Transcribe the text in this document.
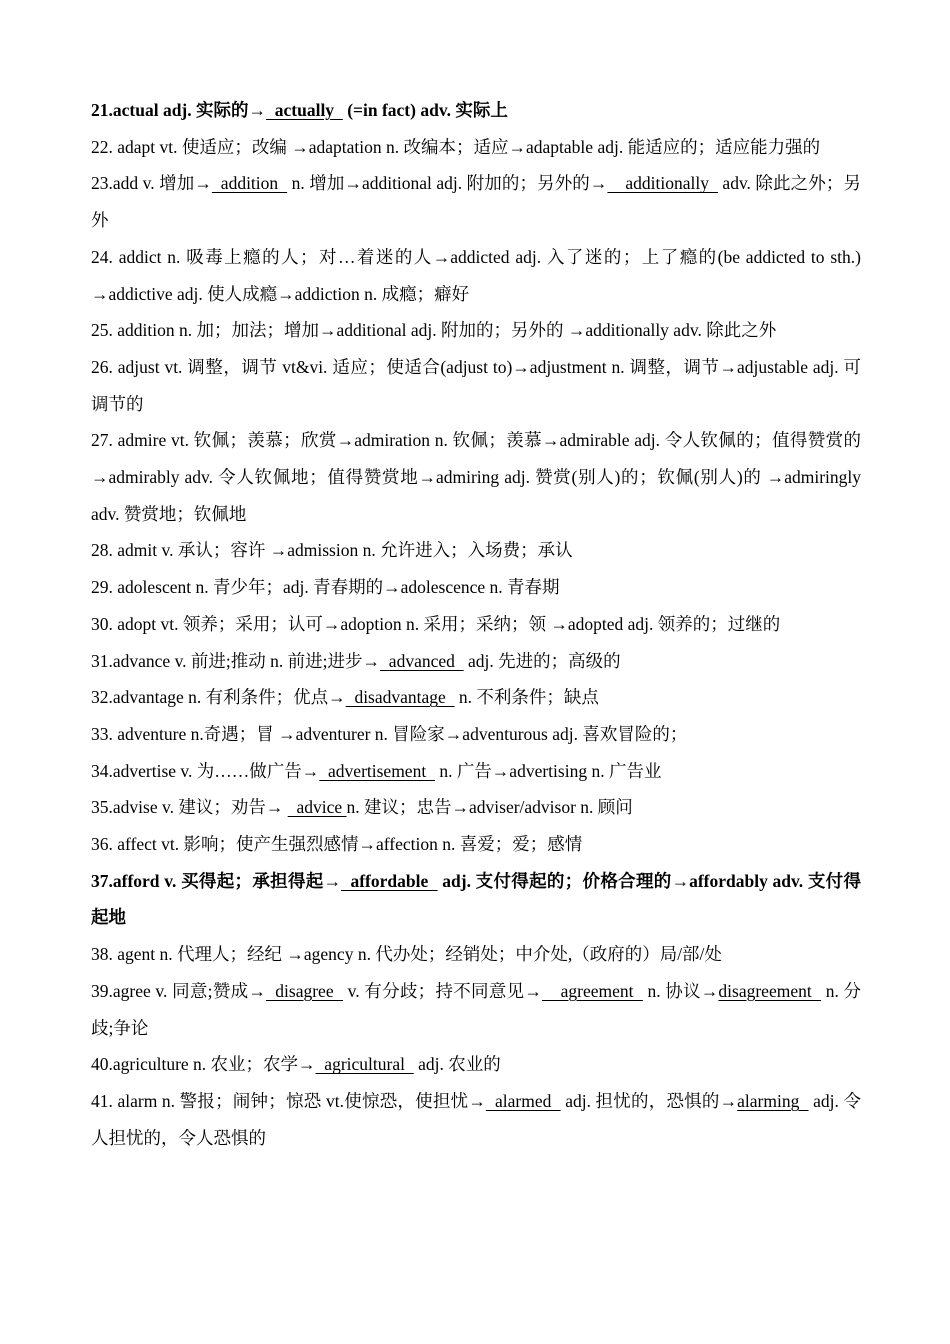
21.actual adj. 实际的→  actually   (=in fact) adv. 实际上

22. adapt vt. 使适应；改编 →adaptation n. 改编本；适应→adaptable adj. 能适应的；适应能力强的

23.add v. 增加→  addition   n. 增加→additional adj. 附加的；另外的→    additionally   adv. 除此之外；另外

24. addict n. 吸毒上瘾的人；对…着迷的人→addicted adj. 入了迷的；上了瘾的(be addicted to sth.) →addictive adj. 使人成瘾→addiction n. 成瘾；癖好

25. addition n. 加；加法；增加→additional adj. 附加的；另外的 →additionally adv. 除此之外

26. adjust vt. 调整，调节 vt&vi. 适应；使适合(adjust to)→adjustment n. 调整，调节→adjustable adj. 可调节的

27. admire vt. 钦佩；羡慕；欣赏→admiration n. 钦佩；羡慕→admirable adj. 令人钦佩的；值得赞赏的→admirably adv. 令人钦佩地；值得赞赏地→admiring adj. 赞赏(别人)的；钦佩(别人)的 →admiringly adv. 赞赏地；钦佩地

28. admit v. 承认；容许 →admission n. 允许进入；入场费；承认

29. adolescent n. 青少年；adj. 青春期的→adolescence n. 青春期

30. adopt vt. 领养；采用；认可→adoption n. 采用；采纳；领 →adopted adj. 领养的；过继的

31.advance v. 前进;推动 n. 前进;进步→  advanced   adj. 先进的；高级的

32.advantage n. 有利条件；优点→  disadvantage   n. 不利条件；缺点

33. adventure n.奇遇；冒 →adventurer n. 冒险家→adventurous adj. 喜欢冒险的；

34.advertise v. 为……做广告→  advertisement   n. 广告→advertising n. 广告业

35.advise v. 建议；劝告→   advice n. 建议；忠告→adviser/advisor n. 顾问

36. affect vt. 影响；使产生强烈感情→affection n. 喜爱；爱；感情

37.afford v. 买得起；承担得起→  affordable   adj. 支付得起的；价格合理的→affordably adv. 支付得起地

38. agent n. 代理人；经纪 →agency n. 代办处；经销处；中介处,（政府的）局/部/处

39.agree v. 同意;赞成→  disagree   v. 有分歧；持不同意见→    agreement   n. 协议→disagreement   n. 分歧;争论

40.agriculture n. 农业；农学→  agricultural   adj. 农业的

41. alarm n. 警报；闹钟；惊恐 vt.使惊恐，使担忧→  alarmed   adj. 担忧的，恐惧的→alarming   adj. 令人担忧的，令人恐惧的
